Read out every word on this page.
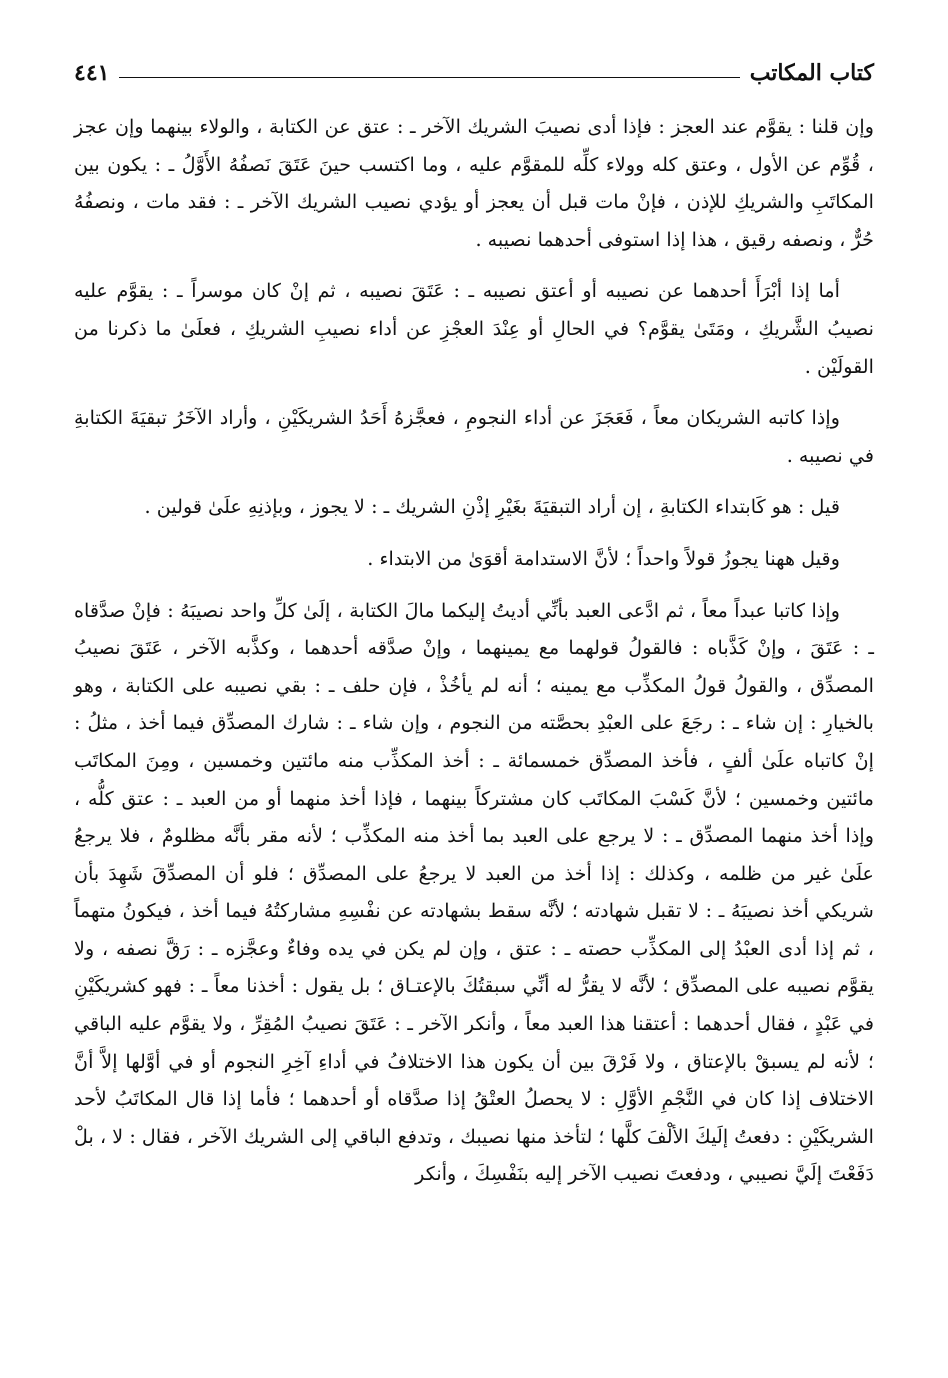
كتاب المكاتب
٤٤١

وإن قلنا : يقوَّم عند العجز : فإذا أدى نصيبَ الشريك الآخر ـ : عتق عن الكتابة ، والولاء بينهما وإن عجز ، قُوِّم عن الأول ، وعتق كله وولاء كلِّه للمقوَّم عليه ، وما اكتسب حينَ عَتَقَ نَصفُهُ الأَوَّلُ ـ : يكون بين المكاتَبِ والشريكِ للإذن ، فإنْ مات قبل أن يعجز أو يؤدي نصيب الشريك الآخر ـ : فقد مات ، ونصفُهُ حُرٌّ ، ونصفه رقيق ، هذا إذا استوفى أحدهما نصيبه .

أما إذا أبْرَأَ أحدهما عن نصيبه أو أعتق نصيبه ـ : عَتَقَ نصيبه ، ثم إنْ كان موسراً ـ : يقوَّم عليه نصيبُ الشَّريكِ ، ومَتَىٰ يقوَّم؟ في الحالِ أو عِنْدَ العجْزِ عن أداء نصيبِ الشريكِ ، فعلَىٰ ما ذكرنا من القولَيْن .

وإذا كاتبه الشريكان معاً ، فَعَجَزَ عن أداء النجومِ ، فعجَّزهُ أَحَدُ الشريكَيْنِ ، وأراد الآخَرُ تبقيَةَ الكتابةِ في نصيبه .

قيل : هو كَابتداء الكتابةِ ، إن أراد التبقيَةَ بغَيْرِ إذْنِ الشريك ـ : لا يجوز ، وبإذنِهِ علَىٰ قولين .

وقيل ههنا يجوزُ قولاً واحداً ؛ لأنَّ الاستدامة أقوَىٰ من الابتداء .

وإذا كاتبا عبداً معاً ، ثم ادَّعى العبد بأنِّي أديتُ إليكما مالَ الكتابة ، إلَىٰ كلِّ واحد نصيبَهُ : فإنْ صدَّقاه ـ : عَتَقَ ، وإنْ كَذَّباه : فالقولُ قولهما مع يمينهما ، وإنْ صدَّقه أحدهما ، وكذَّبه الآخر ، عَتَقَ نصيبُ المصدِّق ، والقولُ قولُ المكذِّب مع يمينه ؛ أنه لم يأخُذْ ، فإن حلف ـ : بقي نصيبه على الكتابة ، وهو بالخيارِ : إن شاء ـ : رجَعَ على العبْدِ بحصَّته من النجوم ، وإن شاء ـ : شارك المصدِّق فيما أخذ ، مثلُ : إنْ كاتباه علَىٰ ألفٍ ، فأخذ المصدِّق خمسمائة ـ : أخذ المكذِّب منه مائتين وخمسين ، ومِنَ المكاتَب مائتين وخمسين ؛ لأنَّ كَسْبَ المكاتَب كان مشتركاً بينهما ، فإذا أخذ منهما أو من العبد ـ : عتق كلُّه ، وإذا أخذ منهما المصدِّق ـ : لا يرجع على العبد بما أخذ منه المكذِّب ؛ لأنه مقر بأنَّه مظلومٌ ، فلا يرجعُ علَىٰ غير من ظلمه ، وكذلك : إذا أخذ من العبد لا يرجعُ على المصدِّق ؛ فلو أن المصدِّقَ شَهِدَ بأن شريكي أخذ نصيبَهُ ـ : لا تقبل شهادته ؛ لأنَّه سقط بشهادته عن نفْسِهِ مشاركتُهُ فيما أخذ ، فيكونُ متهماً ، ثم إذا أدى العبْدُ إلى المكذِّب حصته ـ : عتق ، وإن لم يكن في يده وفاءٌ وعجَّزه ـ : رَقَّ نصفه ، ولا يقوَّم نصيبه على المصدِّق ؛ لأنَّه لا يقرُّ له أنِّي سبقتُكَ بالإعتـاق ؛ بل يقول : أخذنا معاً ـ : فهو كشريكَيْنِ في عَبْدٍ ، فقال أحدهما : أعتقنا هذا العبد معاً ، وأنكر الآخر ـ : عَتَقَ نصيبُ المُقِرِّ ، ولا يقوَّم عليه الباقي ؛ لأنه لم يسبقْ بالإعتاق ، ولا فَرْقَ بين أن يكون هذا الاختلافُ في أداءِ آخِرِ النجوم أو في أوَّلها إلاَّ أنَّ الاختلاف إذا كان في النَّجْمِ الأوَّلِ : لا يحصلُ العتْقُ إذا صدَّقاه أو أحدهما ؛ فأما إذا قال المكاتَبُ لأحد الشريكَيْنِ : دفعتُ إلَيكَ الألْفَ كلَّها ؛ لتأخذ منها نصيبك ، وتدفع الباقي إلى الشريك الآخر ، فقال : لا ، بلْ دَفَعْتَ إلَيَّ نصيبي ، ودفعتَ نصيب الآخر إليه بنَفْسِكَ ، وأنكر
